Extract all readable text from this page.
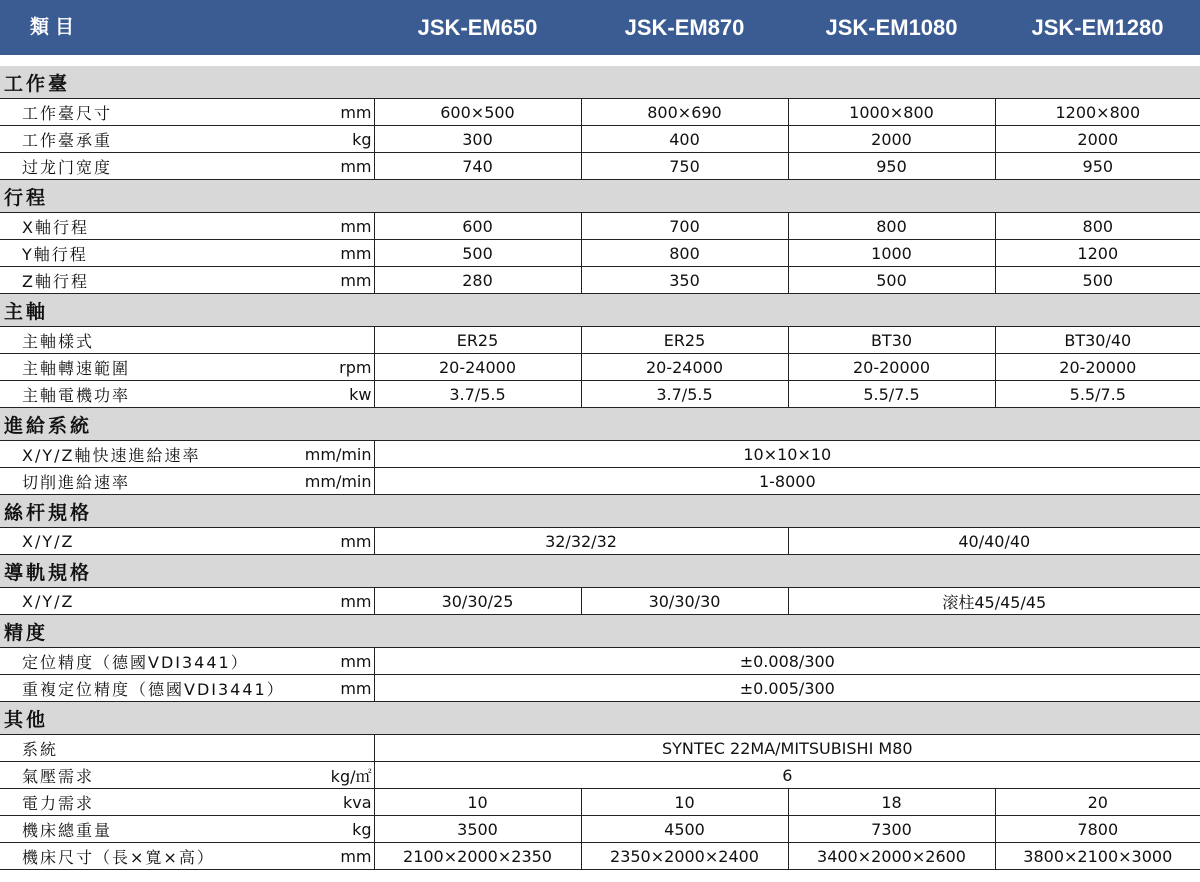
類目	JSK-EM650	JSK-EM870	JSK-EM1080	JSK-EM1280
工作臺					
工作臺尺寸	mm	600×500	800×690	1000×800	1200×800
工作臺承重	kg	300	400	2000	2000
过龙门宽度	mm	740	750	950	950
行程					
X軸行程	mm	600	700	800	800
Y軸行程	mm	500	800	1000	1200
Z軸行程	mm	280	350	500	500
主軸					
主軸樣式		ER25	ER25	BT30	BT30/40
主軸轉速範圍	rpm	20-24000	20-24000	20-20000	20-20000
主軸電機功率	kw	3.7/5.5	3.7/5.5	5.5/7.5	5.5/7.5
進給系統					
X/Y/Z軸快速進給速率	mm/min	10×10×10			
切削進給速率	mm/min	1-8000			
絲杆規格					
X/Y/Z	mm	32/32/32		40/40/40	
導軌規格					
X/Y/Z	mm	30/30/25	30/30/30	滚柱45/45/45	
精度					
定位精度（德國VDI3441）	mm	±0.008/300			
重複定位精度（德國VDI3441）	mm	±0.005/300			
其他					
系統		SYNTEC 22MA/MITSUBISHI M80			
氣壓需求	kg/㎡	6			
電力需求	kva	10	10	18	20
機床總重量	kg	3500	4500	7300	7800
機床尺寸（長×寬×高）	mm	2100×2000×2350	2350×2000×2400	3400×2000×2600	3800×2100×3000
